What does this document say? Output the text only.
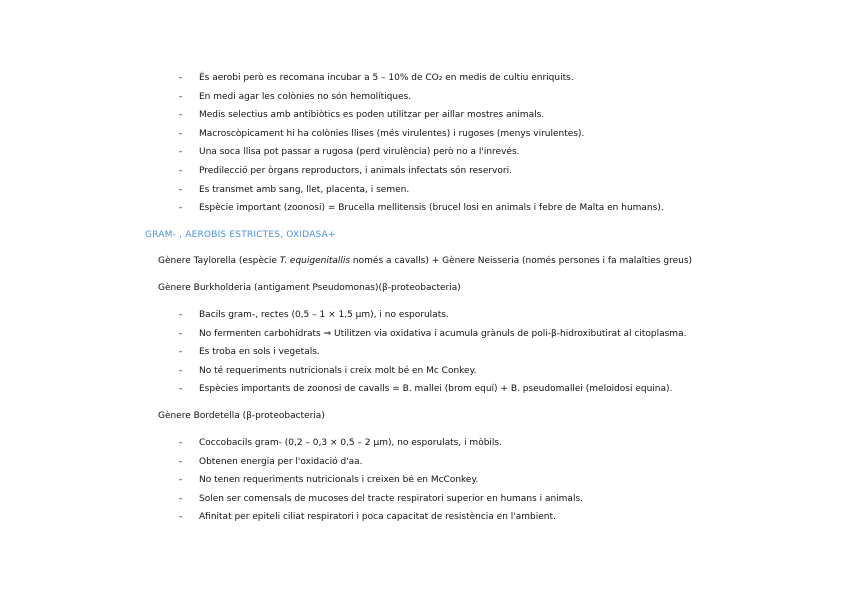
- És aerobi però es recomana incubar a 5 – 10% de CO₂ en medis de cultiu enriquits.
- En medi agar les colònies no són hemolítiques.
- Medis selectius amb antibiòtics es poden utilitzar per aillar mostres animals.
- Macroscòpicament hi ha colònies llises (més virulentes) i rugoses (menys virulentes).
- Una soca llisa pot passar a rugosa (perd virulència) però no a l'inrevés.
- Predilecció per òrgans reproductors, i animals infectats són reservori.
- Es transmet amb sang, llet, placenta, i semen.
- Espècie important (zoonosi) = Brucella mellitensis (brucel losi en animals i febre de Malta en humans).
GRAM- , AEROBIS ESTRICTES, OXIDASA+
Gènere Taylorella (espècie T. equigenitallis només a cavalls) + Gènere Neisseria (només persones i fa malalties greus)
Gènere Burkholderia (antigament Pseudomonas)(β-proteobacteria)
- Bacils gram-, rectes (0,5 – 1 × 1,5 μm), i no esporulats.
- No fermenten carbohidrats ⇒ Utilitzen via oxidativa i acumula grànuls de poli-β-hidroxibutirat al citoplasma.
- Es troba en sols i vegetals.
- No té requeriments nutricionals i creix molt bé en Mc Conkey.
- Espècies importants de zoonosi de cavalls = B. mallei (brom equí) + B. pseudomallei (meloidosi equina).
Gènere Bordetella (β-proteobacteria)
- Coccobacils gram- (0,2 – 0,3 × 0,5 – 2 μm), no esporulats, i mòbils.
- Obtenen energia per l'oxidació d'aa.
- No tenen requeriments nutricionals i creixen bé en McConkey.
- Solen ser comensals de mucoses del tracte respiratori superior en humans i animals.
- Afinitat per epiteli ciliat respiratori i poca capacitat de resistència en l'ambient.
